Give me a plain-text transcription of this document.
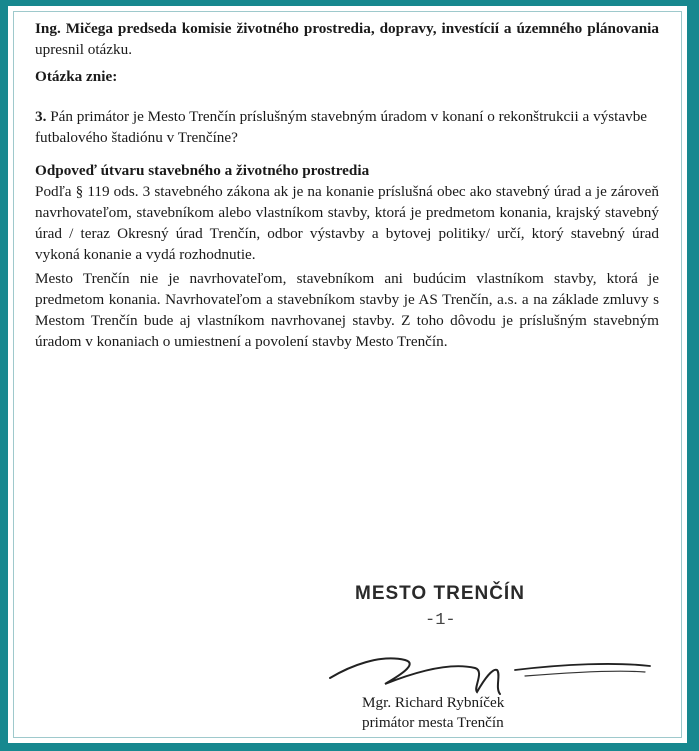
Ing. Mičega predseda komisie životného prostredia, dopravy, investícií a územného plánovania upresnil otázku.
Otázka znie:
3. Pán primátor je Mesto Trenčín príslušným stavebným úradom v konaní o rekonštrukcii a výstavbe futbalového štadiónu v Trenčíne?
Odpoveď útvaru stavebného a životného prostredia
Podľa § 119 ods. 3 stavebného zákona ak je na konanie príslušná obec ako stavebný úrad a je zároveň navrhovateľom, stavebníkom alebo vlastníkom stavby, ktorá je predmetom konania, krajský stavebný úrad / teraz Okresný úrad Trenčín, odbor výstavby a bytovej politiky/ určí, ktorý stavebný úrad vykoná konanie a vydá rozhodnutie.
Mesto Trenčín nie je navrhovateľom, stavebníkom ani budúcim vlastníkom stavby, ktorá je predmetom konania. Navrhovateľom a stavebníkom stavby je AS Trenčín, a.s. a na základe zmluvy s Mestom Trenčín bude aj vlastníkom navrhovanej stavby. Z toho dôvodu je príslušným stavebným úradom v konaniach o umiestnení a povolení stavby Mesto Trenčín.
MESTO TRENČÍN
-1-
Mgr. Richard Rybníček
primátor mesta Trenčín
